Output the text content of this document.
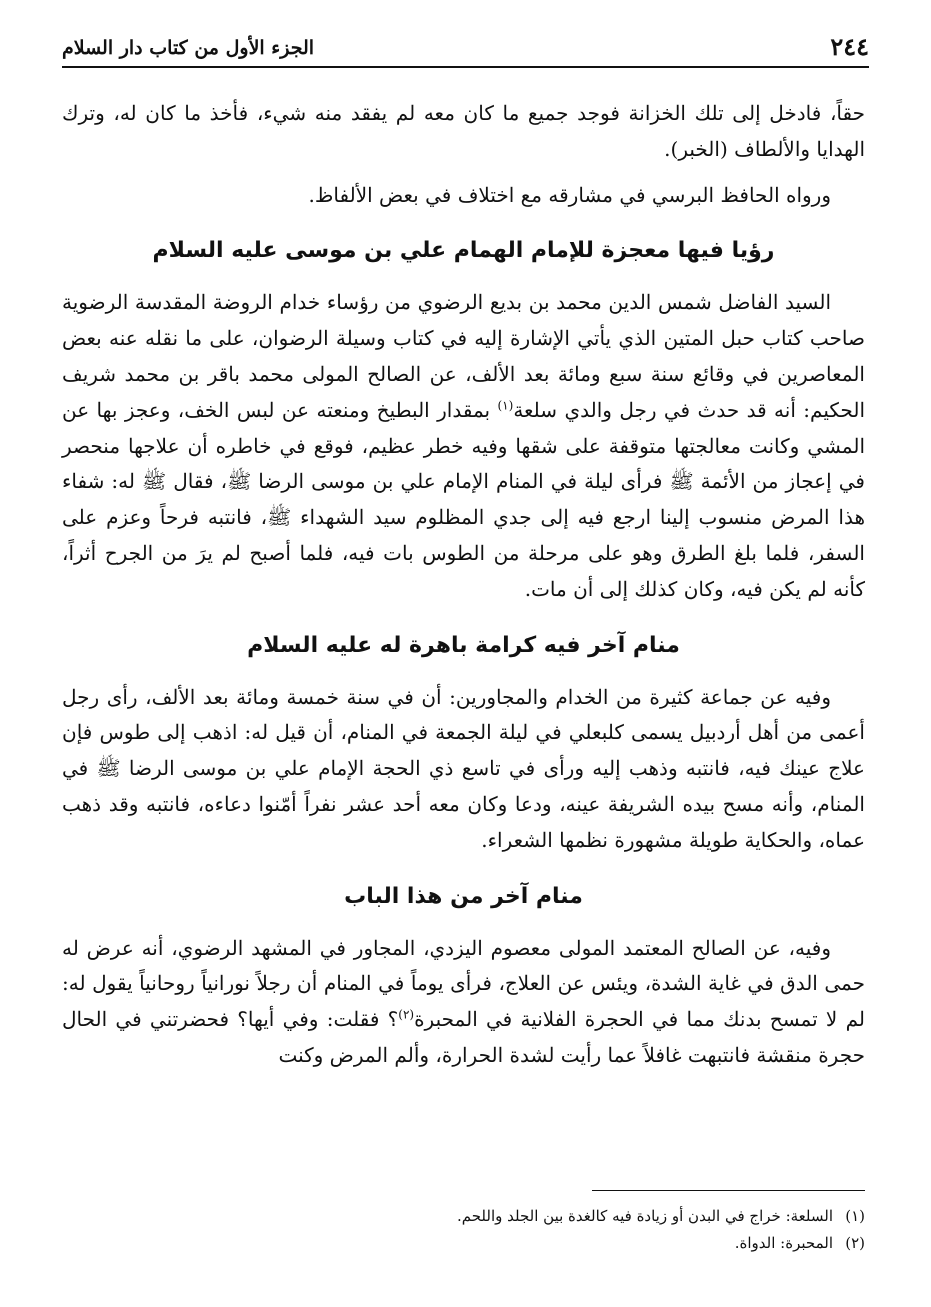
٢٤٤
الجزء الأول من كتاب دار السلام

حقاً، فادخل إلى تلك الخزانة فوجد جميع ما كان معه لم يفقد منه شيء، فأخذ ما كان له، وترك الهدايا والألطاف (الخبر).

ورواه الحافظ البرسي في مشارقه مع اختلاف في بعض الألفاظ.

رؤيا فيها معجزة للإمام الهمام علي بن موسى عليه السلام

السيد الفاضل شمس الدين محمد بن بديع الرضوي من رؤساء خدام الروضة المقدسة الرضوية صاحب كتاب حبل المتين الذي يأتي الإشارة إليه في كتاب وسيلة الرضوان، على ما نقله عنه بعض المعاصرين في وقائع سنة سبع ومائة بعد الألف، عن الصالح المولى محمد باقر بن محمد شريف الحكيم: أنه قد حدث في رجل والدي سلعة$^{(١)}$ بمقدار البطيخ ومنعته عن لبس الخف، وعجز بها عن المشي وكانت معالجتها متوقفة على شقها وفيه خطر عظيم، فوقع في خاطره أن علاجها منحصر في إعجاز من الأئمة ﷺ فرأى ليلة في المنام الإمام علي بن موسى الرضا ﷺ، فقال ﷺ له: شفاء هذا المرض منسوب إلينا ارجع فيه إلى جدي المظلوم سيد الشهداء ﷺ، فانتبه فرحاً وعزم على السفر، فلما بلغ الطرق وهو على مرحلة من الطوس بات فيه، فلما أصبح لم يرَ من الجرح أثراً، كأنه لم يكن فيه، وكان كذلك إلى أن مات.

منام آخر فيه كرامة باهرة له عليه السلام

وفيه عن جماعة كثيرة من الخدام والمجاورين: أن في سنة خمسة ومائة بعد الألف، رأى رجل أعمى من أهل أردبيل يسمى كلبعلي في ليلة الجمعة في المنام، أن قيل له: اذهب إلى طوس فإن علاج عينك فيه، فانتبه وذهب إليه ورأى في تاسع ذي الحجة الإمام علي بن موسى الرضا ﷺ في المنام، وأنه مسح بيده الشريفة عينه، ودعا وكان معه أحد عشر نفراً أمّنوا دعاءه، فانتبه وقد ذهب عماه، والحكاية طويلة مشهورة نظمها الشعراء.

منام آخر من هذا الباب

وفيه، عن الصالح المعتمد المولى معصوم اليزدي، المجاور في المشهد الرضوي، أنه عرض له حمى الدق في غاية الشدة، ويئس عن العلاج، فرأى يوماً في المنام أن رجلاً نورانياً روحانياً يقول له: لم لا تمسح بدنك مما في الحجرة الفلانية في المحبرة$^{(٢)}$؟ فقلت: وفي أيها؟ فحضرتني في الحال حجرة منقشة فانتبهت غافلاً عما رأيت لشدة الحرارة، وألم المرض وكنت

(١)السلعة: خراج في البدن أو زيادة فيه كالغدة بين الجلد واللحم.
(٢)المحبرة: الدواة.
